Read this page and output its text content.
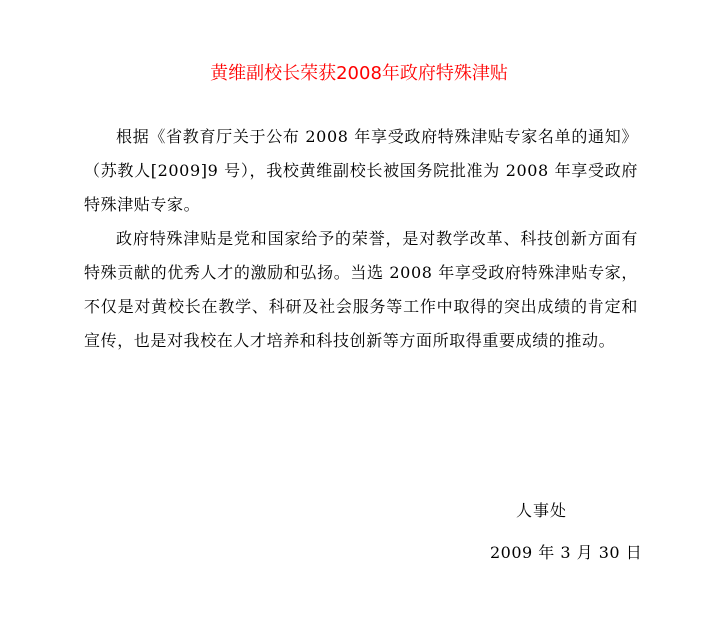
黄维副校长荣获2008年政府特殊津贴

根据《省教育厅关于公布 2008 年享受政府特殊津贴专家名单的通知》（苏教人[2009]9 号），我校黄维副校长被国务院批准为 2008 年享受政府特殊津贴专家。

政府特殊津贴是党和国家给予的荣誉，是对教学改革、科技创新方面有特殊贡献的优秀人才的激励和弘扬。当选 2008 年享受政府特殊津贴专家，不仅是对黄校长在教学、科研及社会服务等工作中取得的突出成绩的肯定和宣传，也是对我校在人才培养和科技创新等方面所取得重要成绩的推动。

人事处
2009 年 3 月 30 日
